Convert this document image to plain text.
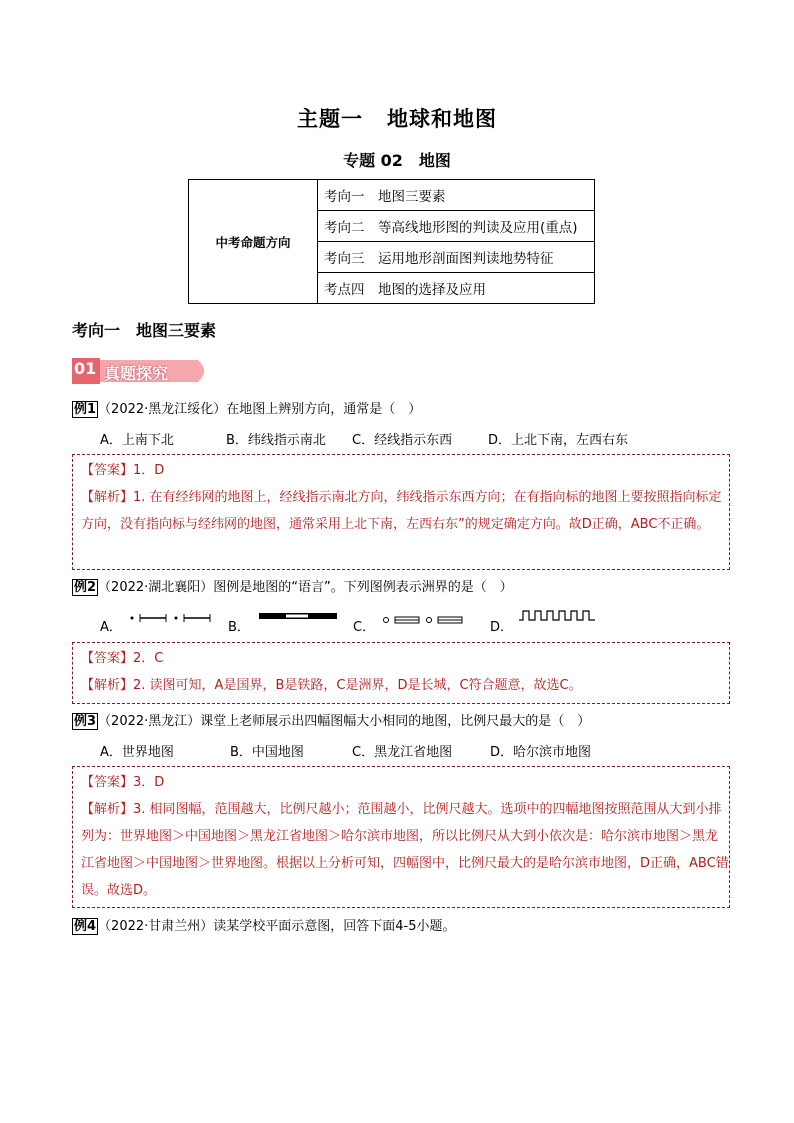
主题一 地球和地图
专题 02　地图
中考命题方向	考向一　地图三要素
考向二　等高线地形图的判读及应用(重点)
考向三　运用地形剖面图判读地势特征
考点四　地图的选择及应用
考向一　地图三要素
01 真题探究
例1 （2022·黑龙江绥化）在地图上辨别方向，通常是（　）
A．上南下北	B．纬线指示南北 C．经线指示东西	D．上北下南，左西右东
【答案】1．D
【解析】1. 在有经纬网的地图上，经线指示南北方向，纬线指示东西方向；在有指向标的地图上要按照指向标定方向，没有指向标与经纬网的地图，通常采用上北下南，左西右东”的规定确定方向。故D正确，ABC不正确。
例2 （2022·湖北襄阳）图例是地图的“语言”。下列图例表示洲界的是（　）
A．	B．	C．	D．
【答案】2．C
【解析】2. 读图可知，A是国界，B是铁路，C是洲界，D是长城，C符合题意，故选C。
例3 （2022·黑龙江）课堂上老师展示出四幅图幅大小相同的地图，比例尺最大的是（　）
A．世界地图	B．中国地图	C．黑龙江省地图	D．哈尔滨市地图
【答案】3．D
【解析】3. 相同图幅，范围越大，比例尺越小；范围越小，比例尺越大。选项中的四幅地图按照范围从大到小排列为：世界地图＞中国地图＞黑龙江省地图＞哈尔滨市地图，所以比例尺从大到小依次是：哈尔滨市地图＞黑龙江省地图＞中国地图＞世界地图。根据以上分析可知，四幅图中，比例尺最大的是哈尔滨市地图，D正确，ABC错误。故选D。
例4 （2022·甘肃兰州）读某学校平面示意图，回答下面4-5小题。
